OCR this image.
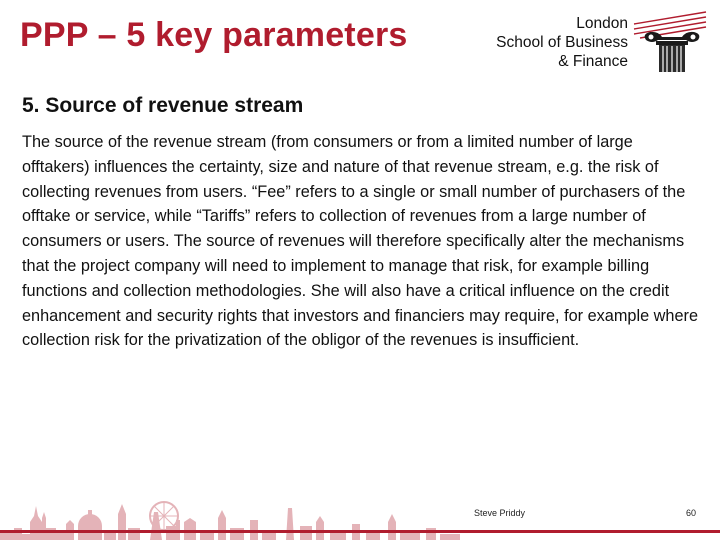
PPP – 5 key parameters	London
School of Business
& Finance
5. Source of revenue stream

The source of the revenue stream (from consumers or from a limited number of large offtakers) influences the certainty, size and nature of that revenue stream, e.g. the risk of collecting revenues from users. “Fee” refers to a single or small number of purchasers of the offtake or service, while “Tariffs” refers to collection of revenues from a large number of consumers or users. The source of revenues will therefore specifically alter the mechanisms that the project company will need to implement to manage that risk, for example billing functions and collection methodologies. She will also have a critical influence on the credit enhancement and security rights that investors and financiers may require, for example where collection risk for the privatization of the obligor of the revenues is insufficient.

Steve Priddy	60
